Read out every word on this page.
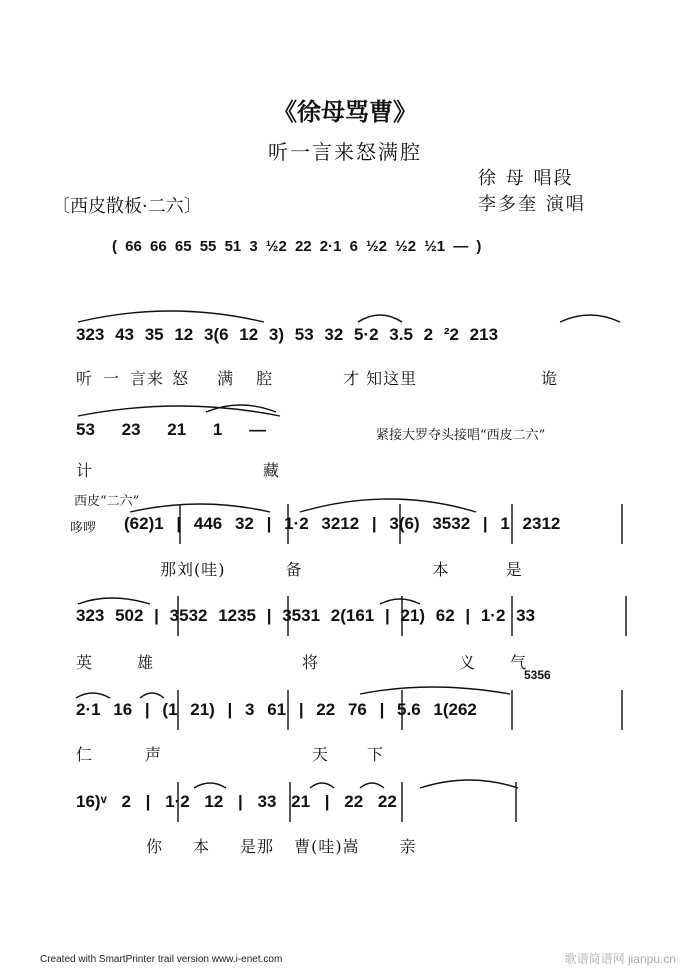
《徐母骂曹》
听一言来怒满腔
徐 母 唱段
李多奎 演唱
〔西皮散板·二六〕
( 66 66 65 55 51 3 ½2 22 2·1 6 ½2 ½2 ½1 — )
323 43 35 12 3(6 12 3) 53 32 5·2 3.5 2 ²2 213
听 一 言来 怒 满 腔	才 知这里	诡
53 23 21 1 —	紧接大罗夺头接唱“西皮二六”
计	藏
西皮“二六”
哆啰 (62)1 | 446 32 | 1·2 3212 | 3(6) 3532 | 1 2312
那刘(哇)	备	本	是
323 502 | 3532 1235 | 3531 2(161 | 21) 62 | 1·2 33
英	雄	将	义 气
5356
2·1 16 | (1 21) | 3 61 | 22 76 | 5.6 1(262
仁	声	天 下
16)ᵛ 2 | 1·2 12 | 33 21 | 22 22
你 本 是那 曹(哇)嵩	亲
Created with SmartPrinter trail version www.i-enet.com	歌谱简谱网 jianpu.cn
